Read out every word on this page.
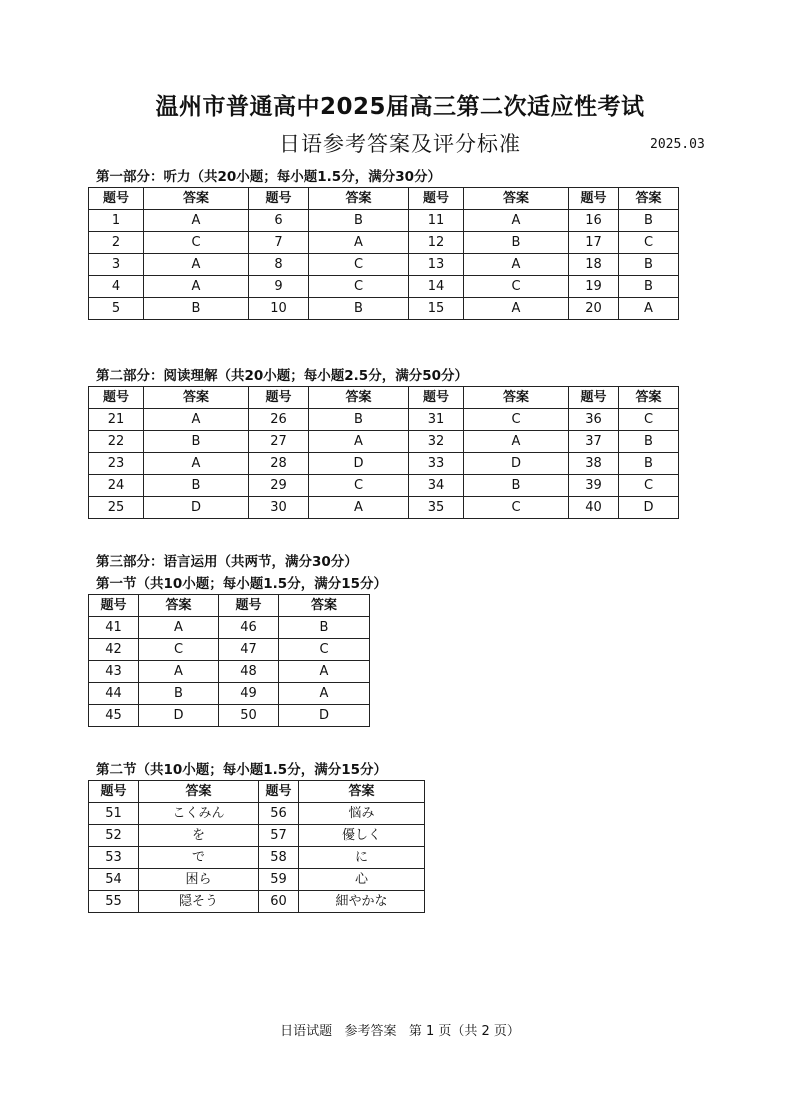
温州市普通高中2025届高三第二次适应性考试
日语参考答案及评分标准	2025.03
第一部分：听力（共20小题；每小题1.5分，满分30分）
题号	答案	题号	答案	题号	答案	题号	答案
1	A	6	B	11	A	16	B
2	C	7	A	12	B	17	C
3	A	8	C	13	A	18	B
4	A	9	C	14	C	19	B
5	B	10	B	15	A	20	A
第二部分：阅读理解（共20小题；每小题2.5分，满分50分）
题号	答案	题号	答案	题号	答案	题号	答案
21	A	26	B	31	C	36	C
22	B	27	A	32	A	37	B
23	A	28	D	33	D	38	B
24	B	29	C	34	B	39	C
25	D	30	A	35	C	40	D
第三部分：语言运用（共两节，满分30分）
第一节（共10小题；每小题1.5分，满分15分）
题号	答案	题号	答案
41	A	46	B
42	C	47	C
43	A	48	A
44	B	49	A
45	D	50	D
第二节（共10小题；每小题1.5分，满分15分）
题号	答案	题号	答案
51	こくみん	56	悩み
52	を	57	優しく
53	で	58	に
54	困ら	59	心
55	隠そう	60	細やかな
日语试题   参考答案   第 1 页（共 2 页）
